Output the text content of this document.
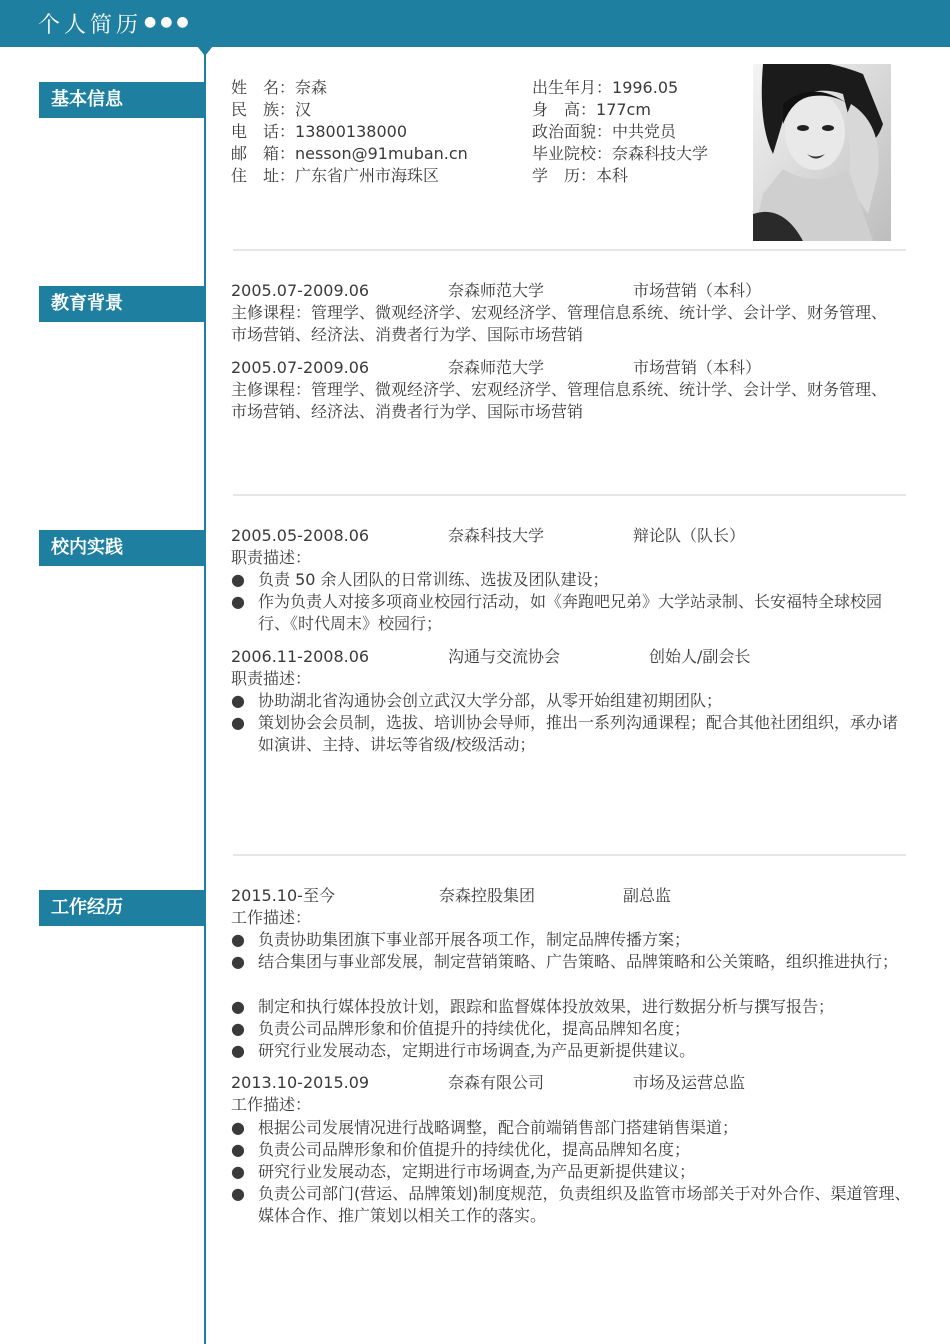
个人简历 ●●●
基本信息
教育背景
校内实践
工作经历
姓　名：奈森
民　族：汉
电　话：13800138000
邮　箱：nesson@91muban.cn
住　址：广东省广州市海珠区
出生年月：1996.05
身　高：177cm
政治面貌：中共党员
毕业院校：奈森科技大学
学　历：本科
2005.07-2009.06	奈森师范大学	市场营销（本科）
主修课程：管理学、微观经济学、宏观经济学、管理信息系统、统计学、会计学、财务管理、
市场营销、经济法、消费者行为学、国际市场营销
2005.07-2009.06	奈森师范大学	市场营销（本科）
主修课程：管理学、微观经济学、宏观经济学、管理信息系统、统计学、会计学、财务管理、
市场营销、经济法、消费者行为学、国际市场营销
2005.05-2008.06	奈森科技大学	辩论队（队长）
职责描述：
● 负责 50 余人团队的日常训练、选拔及团队建设；
● 作为负责人对接多项商业校园行活动，如《奔跑吧兄弟》大学站录制、长安福特全球校园行、《时代周末》校园行；
2006.11-2008.06	沟通与交流协会	创始人/副会长
职责描述：
● 协助湖北省沟通协会创立武汉大学分部，从零开始组建初期团队；
● 策划协会会员制，选拔、培训协会导师，推出一系列沟通课程；配合其他社团组织，承办诸如演讲、主持、讲坛等省级/校级活动；
2015.10-至今	奈森控股集团	副总监
工作描述：
● 负责协助集团旗下事业部开展各项工作，制定品牌传播方案；
● 结合集团与事业部发展，制定营销策略、广告策略、品牌策略和公关策略，组织推进执行；
● 制定和执行媒体投放计划，跟踪和监督媒体投放效果，进行数据分析与撰写报告；
● 负责公司品牌形象和价值提升的持续优化，提高品牌知名度；
● 研究行业发展动态，定期进行市场调查,为产品更新提供建议。
2013.10-2015.09	奈森有限公司	市场及运营总监
工作描述：
● 根据公司发展情况进行战略调整，配合前端销售部门搭建销售渠道；
● 负责公司品牌形象和价值提升的持续优化，提高品牌知名度；
● 研究行业发展动态，定期进行市场调查,为产品更新提供建议；
● 负责公司部门(营运、品牌策划)制度规范，负责组织及监管市场部关于对外合作、渠道管理、媒体合作、推广策划以相关工作的落实。
